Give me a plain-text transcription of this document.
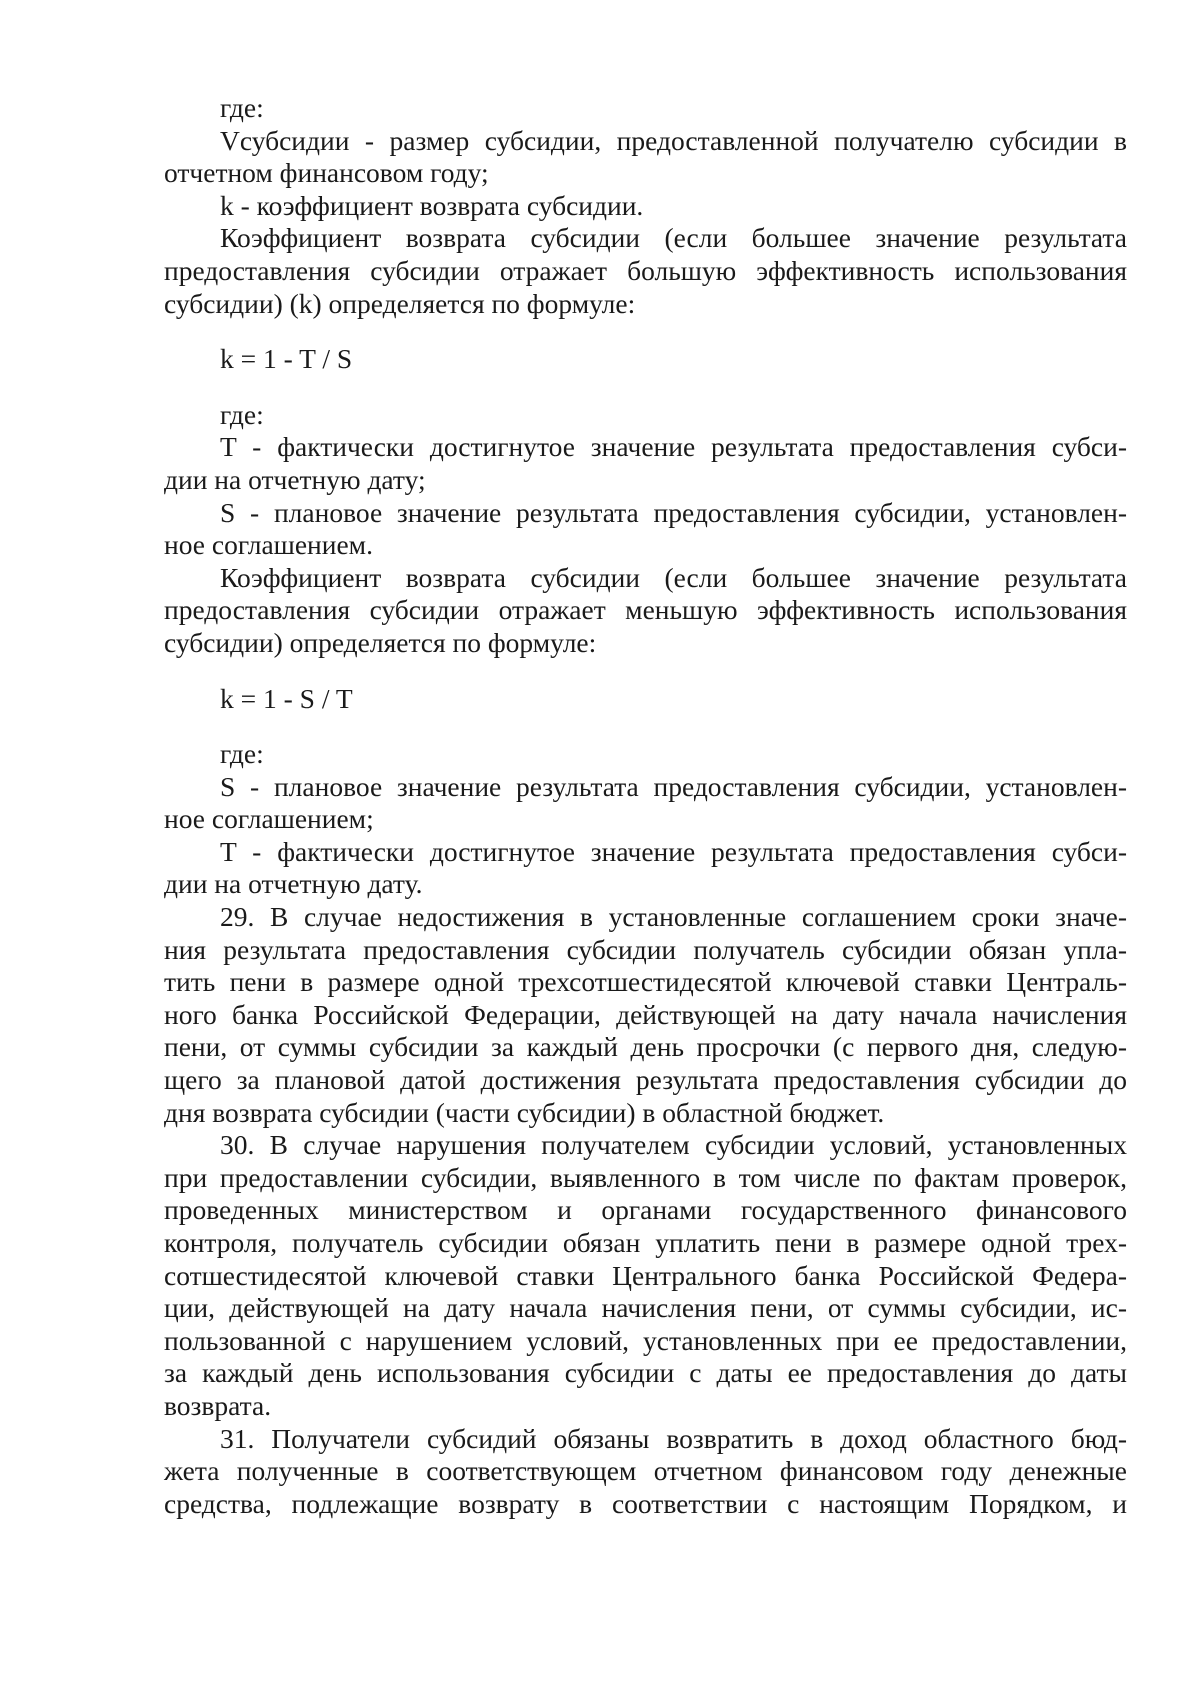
где:
Vсубсидии - размер субсидии, предоставленной получателю субсидии в
отчетном финансовом году;
k - коэффициент возврата субсидии.
Коэффициент возврата субсидии (если большее значение результата
предоставления субсидии отражает большую эффективность использования
субсидии) (k) определяется по формуле:
k = 1 - T / S
где:
T - фактически достигнутое значение результата предоставления субси-
дии на отчетную дату;
S - плановое значение результата предоставления субсидии, установлен-
ное соглашением.
Коэффициент возврата субсидии (если большее значение результата
предоставления субсидии отражает меньшую эффективность использования
субсидии) определяется по формуле:
k = 1 - S / T
где:
S - плановое значение результата предоставления субсидии, установлен-
ное соглашением;
T - фактически достигнутое значение результата предоставления субси-
дии на отчетную дату.
29. В случае недостижения в установленные соглашением сроки значе-
ния результата предоставления субсидии получатель субсидии обязан упла-
тить пени в размере одной трехсотшестидесятой ключевой ставки Централь-
ного банка Российской Федерации, действующей на дату начала начисления
пени, от суммы субсидии за каждый день просрочки (с первого дня, следую-
щего за плановой датой достижения результата предоставления субсидии до
дня возврата субсидии (части субсидии) в областной бюджет.
30. В случае нарушения получателем субсидии условий, установленных
при предоставлении субсидии, выявленного в том числе по фактам проверок,
проведенных министерством и органами государственного финансового
контроля, получатель субсидии обязан уплатить пени в размере одной трех-
сотшестидесятой ключевой ставки Центрального банка Российской Федера-
ции, действующей на дату начала начисления пени, от суммы субсидии, ис-
пользованной с нарушением условий, установленных при ее предоставлении,
за каждый день использования субсидии с даты ее предоставления до даты
возврата.
31. Получатели субсидий обязаны возвратить в доход областного бюд-
жета полученные в соответствующем отчетном финансовом году денежные
средства, подлежащие возврату в соответствии с настоящим Порядком, и
